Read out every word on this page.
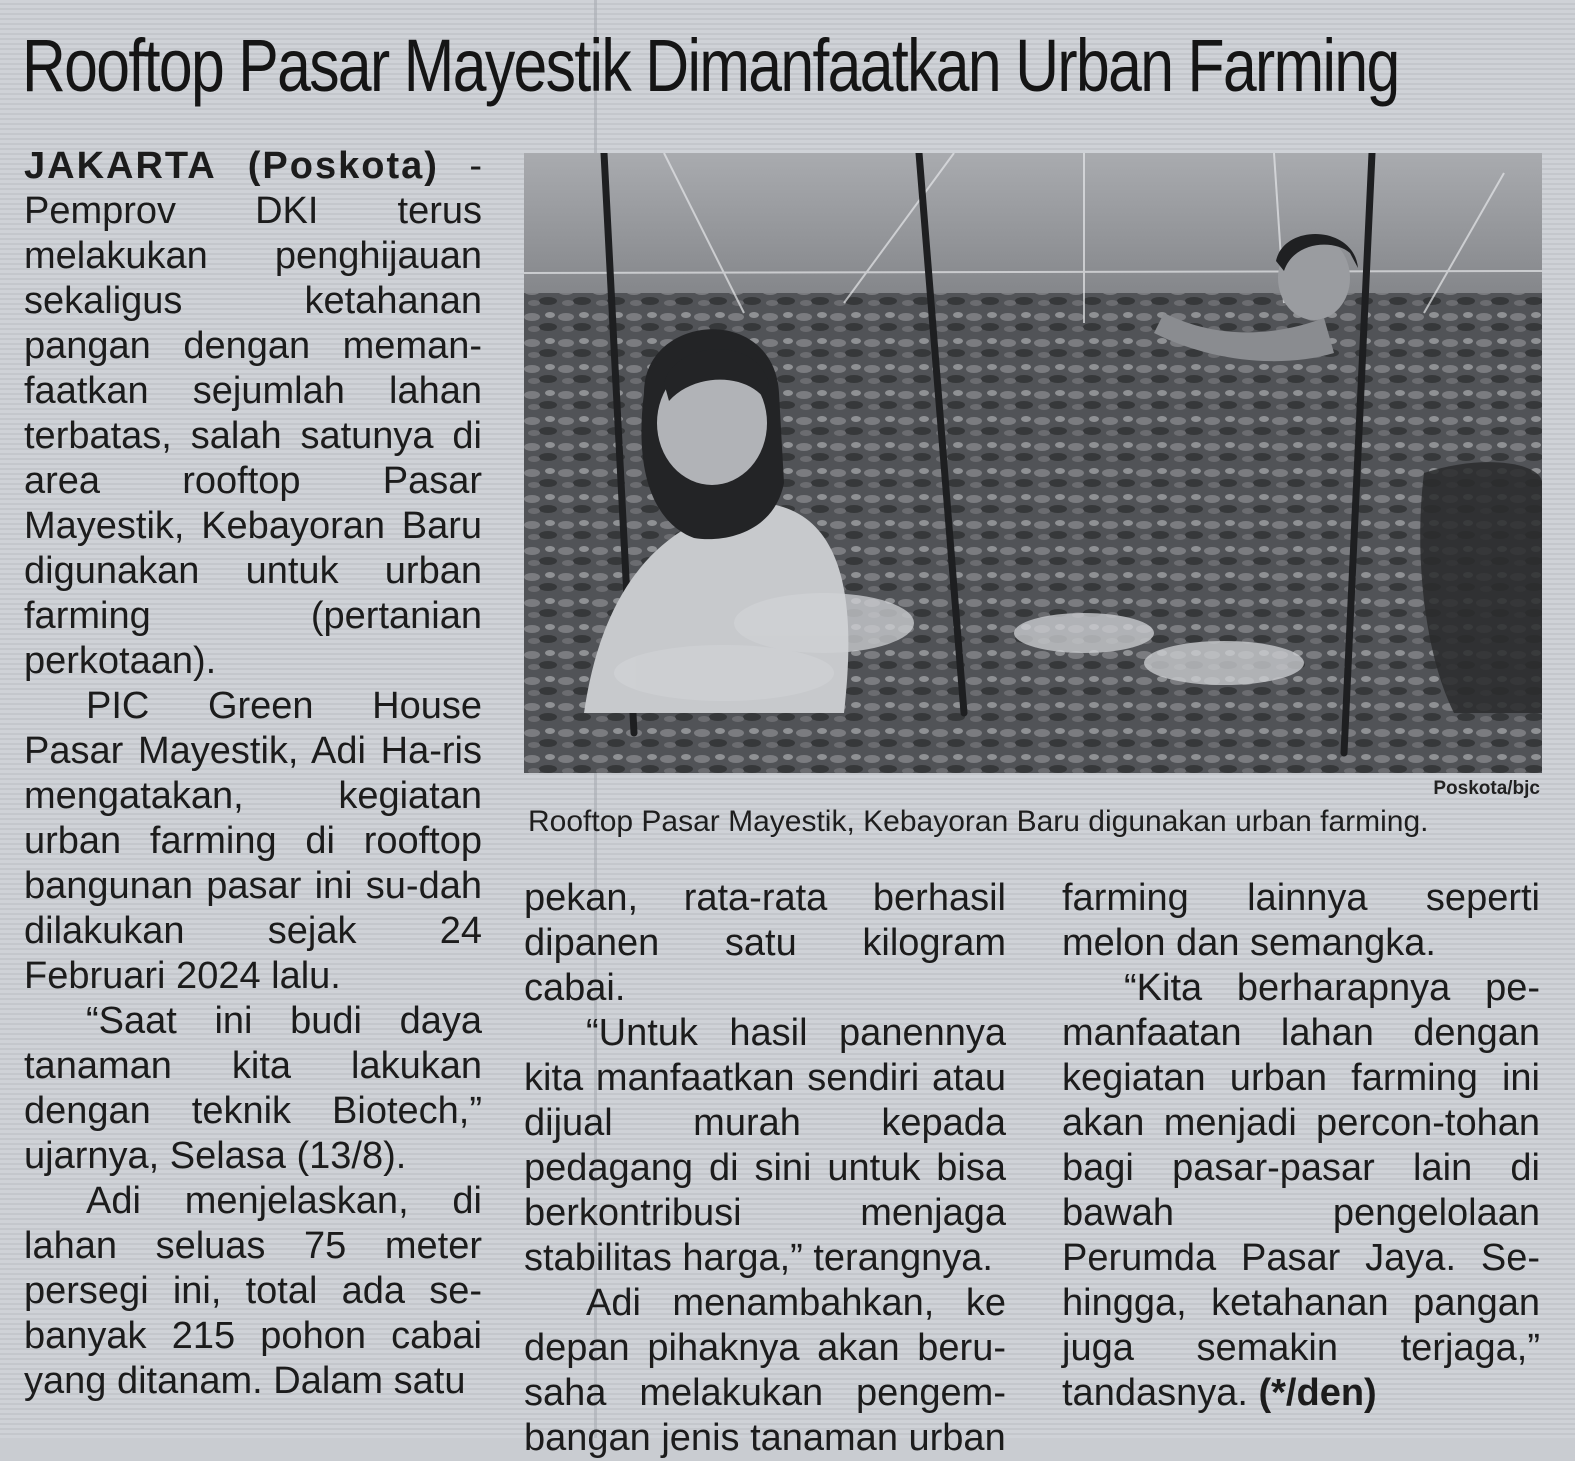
Rooftop Pasar Mayestik Dimanfaatkan Urban Farming

JAKARTA (Poskota) - Pemprov DKI terus melakukan penghijauan sekaligus ketahanan pangan dengan meman-faatkan sejumlah lahan terbatas, salah satunya di area rooftop Pasar Mayestik, Kebayoran Baru digunakan untuk urban farming (pertanian perkotaan).

PIC Green House Pasar Mayestik, Adi Ha-ris mengatakan, kegiatan urban farming di rooftop bangunan pasar ini su-dah dilakukan sejak 24 Februari 2024 lalu.

“Saat ini budi daya tanaman kita lakukan dengan teknik Biotech,” ujarnya, Selasa (13/8).

Adi menjelaskan, di lahan seluas 75 meter persegi ini, total ada se-banyak 215 pohon cabai yang ditanam. Dalam satu

Poskota/bjc
Rooftop Pasar Mayestik, Kebayoran Baru digunakan urban farming.

pekan, rata-rata berhasil dipanen satu kilogram cabai.

“Untuk hasil panennya kita manfaatkan sendiri atau dijual murah kepada pedagang di sini untuk bisa berkontribusi menjaga stabilitas harga,” terangnya.

Adi menambahkan, ke depan pihaknya akan beru-saha melakukan pengem-bangan jenis tanaman urban

farming lainnya seperti melon dan semangka.

“Kita berharapnya pe-manfaatan lahan dengan kegiatan urban farming ini akan menjadi percon-tohan bagi pasar-pasar lain di bawah pengelolaan Perumda Pasar Jaya. Se-hingga, ketahanan pangan juga semakin terjaga,” tandasnya. (*/den)
